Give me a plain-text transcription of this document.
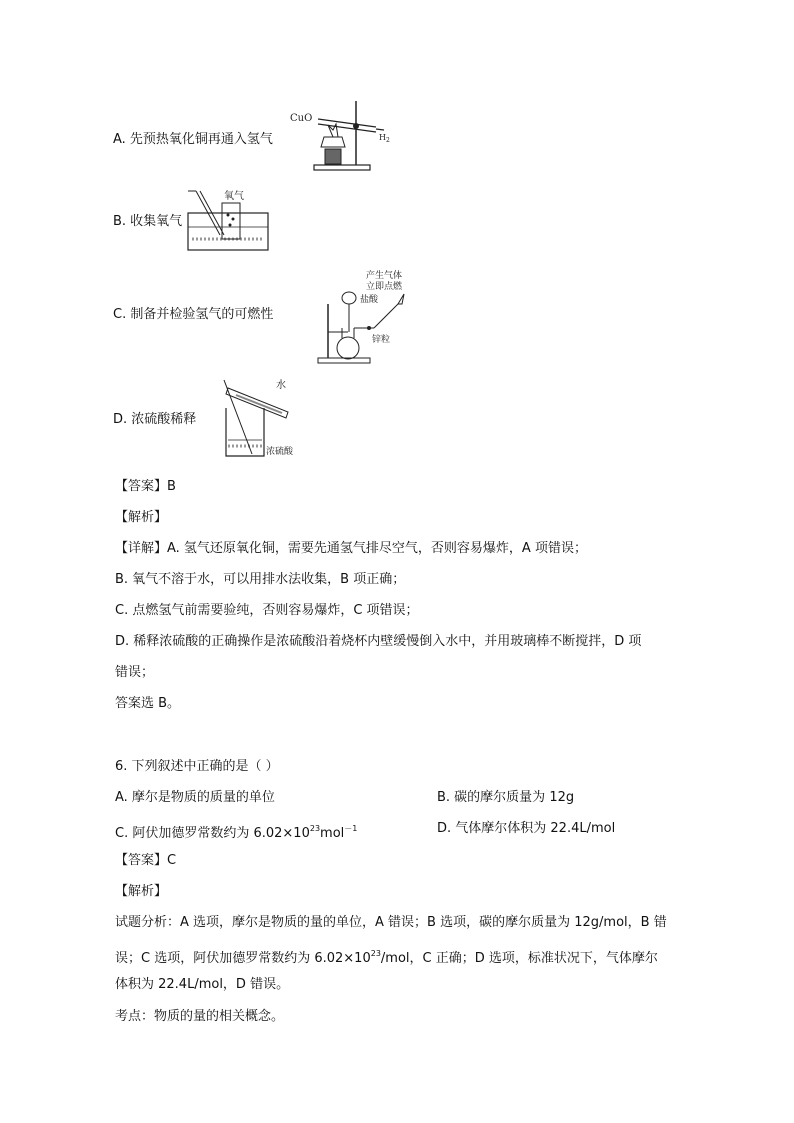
A. 先预热氧化铜再通入氢气
CuO
$H_2$
B. 收集氧气
氧气
C. 制备并检验氢气的可燃性
产生气体
立即点燃
盐酸
锌粒
D. 浓硫酸稀释
水
浓硫酸
【答案】B
【解析】
【详解】A. 氢气还原氧化铜，需要先通氢气排尽空气，否则容易爆炸，A 项错误；
B. 氧气不溶于水，可以用排水法收集，B 项正确；
C. 点燃氢气前需要验纯，否则容易爆炸，C 项错误；
D. 稀释浓硫酸的正确操作是浓硫酸沿着烧杯内壁缓慢倒入水中，并用玻璃棒不断搅拌，D 项
错误；
答案选 B。
6. 下列叙述中正确的是（ ）
A. 摩尔是物质的质量的单位	B. 碳的摩尔质量为 12g
C. 阿伏加德罗常数约为 $6.02\times 10^{23}mol^{-1}$	D. 气体摩尔体积为 22.4L/mol
【答案】C
【解析】
试题分析：A 选项，摩尔是物质的量的单位，A 错误；B 选项，碳的摩尔质量为 12g/mol，B 错
误；C 选项，阿伏加德罗常数约为 $6.02\times 10^{23}$/mol，C 正确；D 选项，标准状况下，气体摩尔
体积为 22.4L/mol，D 错误。
考点：物质的量的相关概念。
